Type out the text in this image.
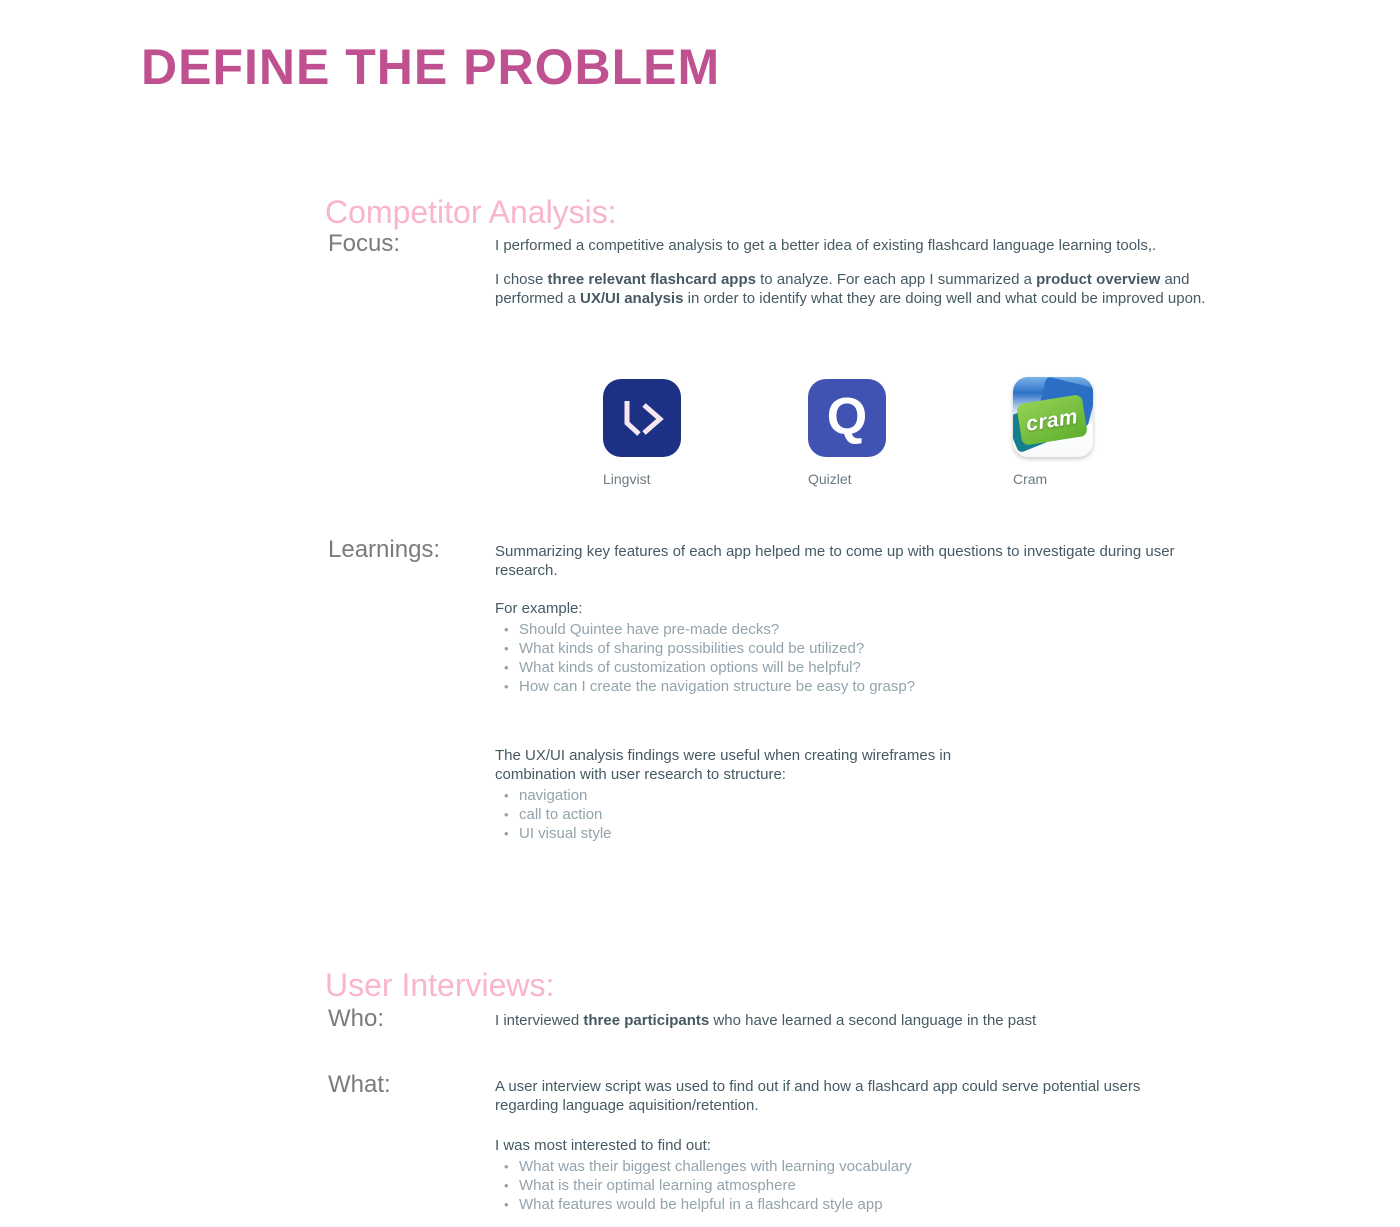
DEFINE THE PROBLEM
Competitor Analysis:
Focus:	I performed a competitive analysis to get a better idea of existing flashcard language learning tools,.

I chose three relevant flashcard apps to analyze. For each app I summarized a product overview and performed a UX/UI analysis in order to identify what they are doing well and what could be improved upon.

Lingvist
Q
Quizlet
cram
Cram
Learnings:	Summarizing key features of each app helped me to come up with questions to investigate during user research.

For example:

• Should Quintee have pre-made decks?
• What kinds of sharing possibilities could be utilized?
• What kinds of customization options will be helpful?
• How can I create the navigation structure be easy to grasp?

The UX/UI analysis findings were useful when creating wireframes in combination with user research to structure:

• navigation
• call to action
• UI visual style
User Interviews:
Who:	I interviewed three participants who have learned a second language in the past

What:	A user interview script was used to find out if and how a flashcard app could serve potential users regarding language aquisition/retention.

I was most interested to find out:

• What was their biggest challenges with learning vocabulary
• What is their optimal learning atmosphere
• What features would be helpful in a flashcard style app
